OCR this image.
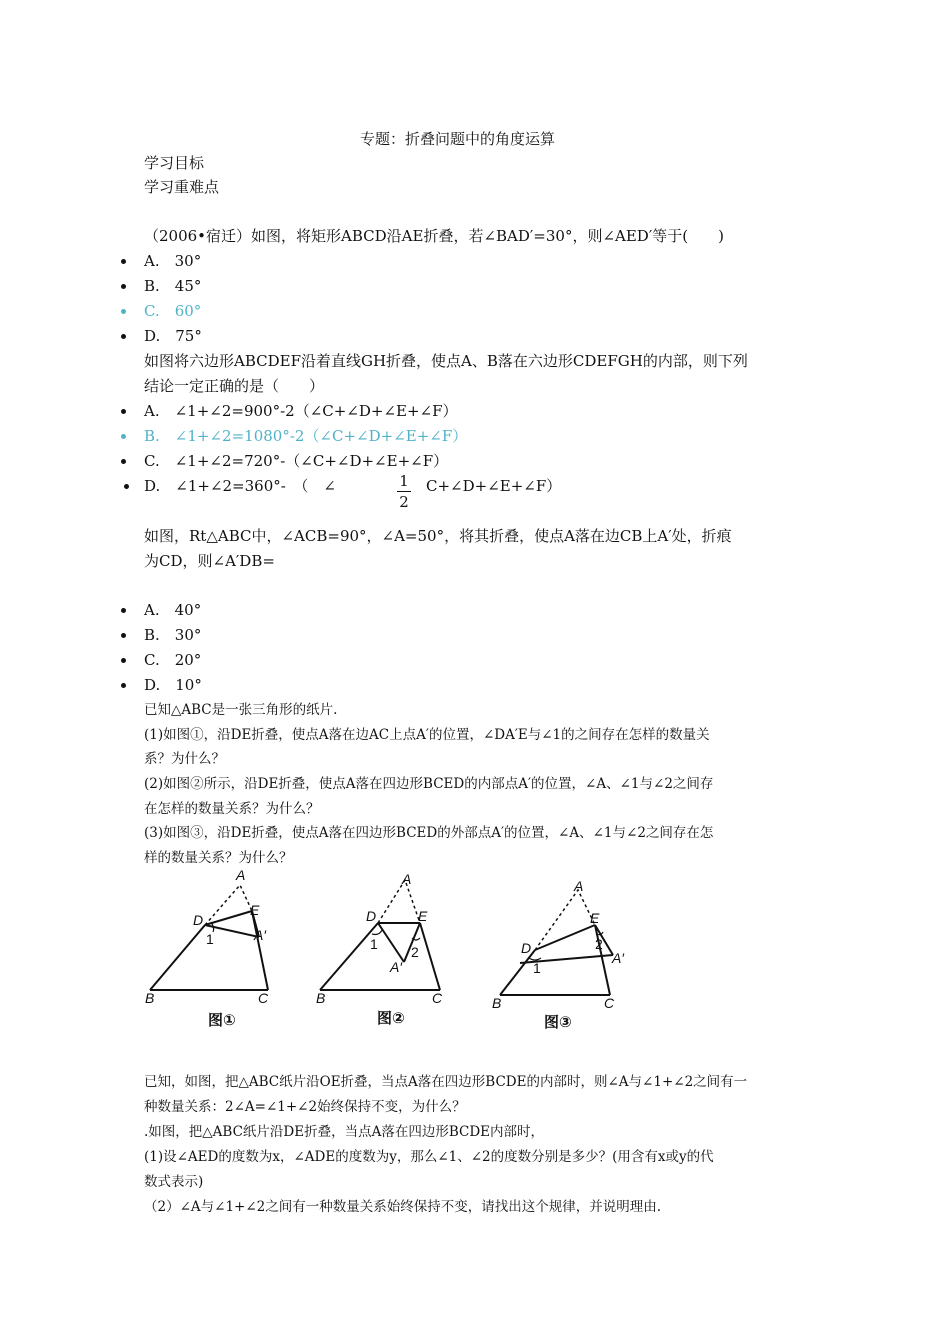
专题：折叠问题中的角度运算
学习目标
学习重难点
（2006•宿迁）如图，将矩形ABCD沿AE折叠，若∠BAD′=30°，则∠AED′等于(　　)
A.　30°
B.　45°
C.　60°
D.　75°
如图将六边形ABCDEF沿着直线GH折叠，使点A、B落在六边形CDEFGH的内部，则下列
结论一定正确的是（　　）
A.　∠1+∠2=900°-2（∠C+∠D+∠E+∠F）
B.　∠1+∠2=1080°-2（∠C+∠D+∠E+∠F）
C.　∠1+∠2=720°-（∠C+∠D+∠E+∠F）
D.　∠1+∠2=360°-　（　∠	1
2
C+∠D+∠E+∠F）
如图，Rt△ABC中，∠ACB=90°，∠A=50°，将其折叠，使点A落在边CB上A′处，折痕
为CD，则∠A′DB=
A.　40°
B.　30°
C.　20°
D.　10°
已知△ABC是一张三角形的纸片.
(1)如图①，沿DE折叠，使点A落在边AC上点A′的位置，∠DA′E与∠1的之间存在怎样的数量关
系？为什么？
(2)如图②所示，沿DE折叠，使点A落在四边形BCED的内部点A′的位置，∠A、∠1与∠2之间存
在怎样的数量关系？为什么？
(3)如图③，沿DE折叠，使点A落在四边形BCED的外部点A′的位置，∠A、∠1与∠2之间存在怎
样的数量关系？为什么？
A
D
E
A′
1
B	C
A
D	E
A′
1 2
B	C
A
D
E
A′
1
2
B	C
图①	图②	图③
已知，如图，把△ABC纸片沿OE折叠，当点A落在四边形BCDE的内部时，则∠A与∠1+∠2之间有一
种数量关系：2∠A=∠1+∠2始终保持不变，为什么？
.如图，把△ABC纸片沿DE折叠，当点A落在四边形BCDE内部时，
(1)设∠AED的度数为x，∠ADE的度数为y，那么∠1、∠2的度数分别是多少？(用含有x或y的代
数式表示)
（2）∠A与∠1+∠2之间有一种数量关系始终保持不变，请找出这个规律，并说明理由.
